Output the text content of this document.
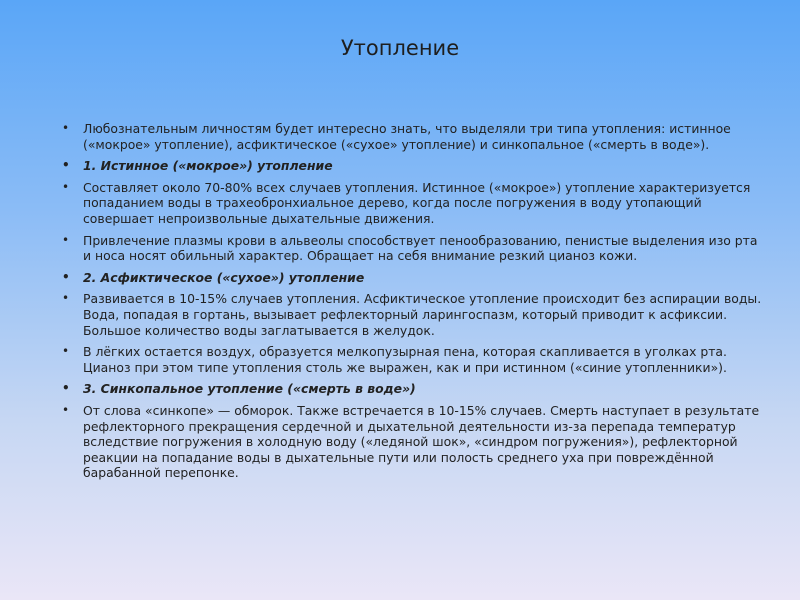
Утопление
• Любознательным личностям будет интересно знать, что выделяли три типа утопления: истинное («мокрое» утопление), асфиктическое («сухое» утопление) и синкопальное («смерть в воде»).
• 1. Истинное («мокрое») утопление
• Составляет около 70-80% всех случаев утопления. Истинное («мокрое») утопление характеризуется попаданием воды в трахеобронхиальное дерево, когда после погружения в воду утопающий совершает непроизвольные дыхательные движения.
• Привлечение плазмы крови в альвеолы способствует пенообразованию, пенистые выделения изо рта и носа носят обильный характер. Обращает на себя внимание резкий цианоз кожи.
• 2. Асфиктическое («сухое») утопление
• Развивается в 10-15% случаев утопления. Асфиктическое утопление происходит без аспирации воды. Вода, попадая в гортань, вызывает рефлекторный ларингоспазм, который приводит к асфиксии. Большое количество воды заглатывается в желудок.
• В лёгких остается воздух, образуется мелкопузырная пена, которая скапливается в уголках рта. Цианоз при этом типе утопления столь же выражен, как и при истинном («синие утопленники»).
• 3. Синкопальное утопление («смерть в воде»)
• От слова «синкопе» — обморок. Также встречается в 10-15% случаев. Смерть наступает в результате рефлекторного прекращения сердечной и дыхательной деятельности из-за перепада температур вследствие погружения в холодную воду («ледяной шок», «синдром погружения»), рефлекторной реакции на попадание воды в дыхательные пути или полость среднего уха при повреждённой барабанной перепонке.
